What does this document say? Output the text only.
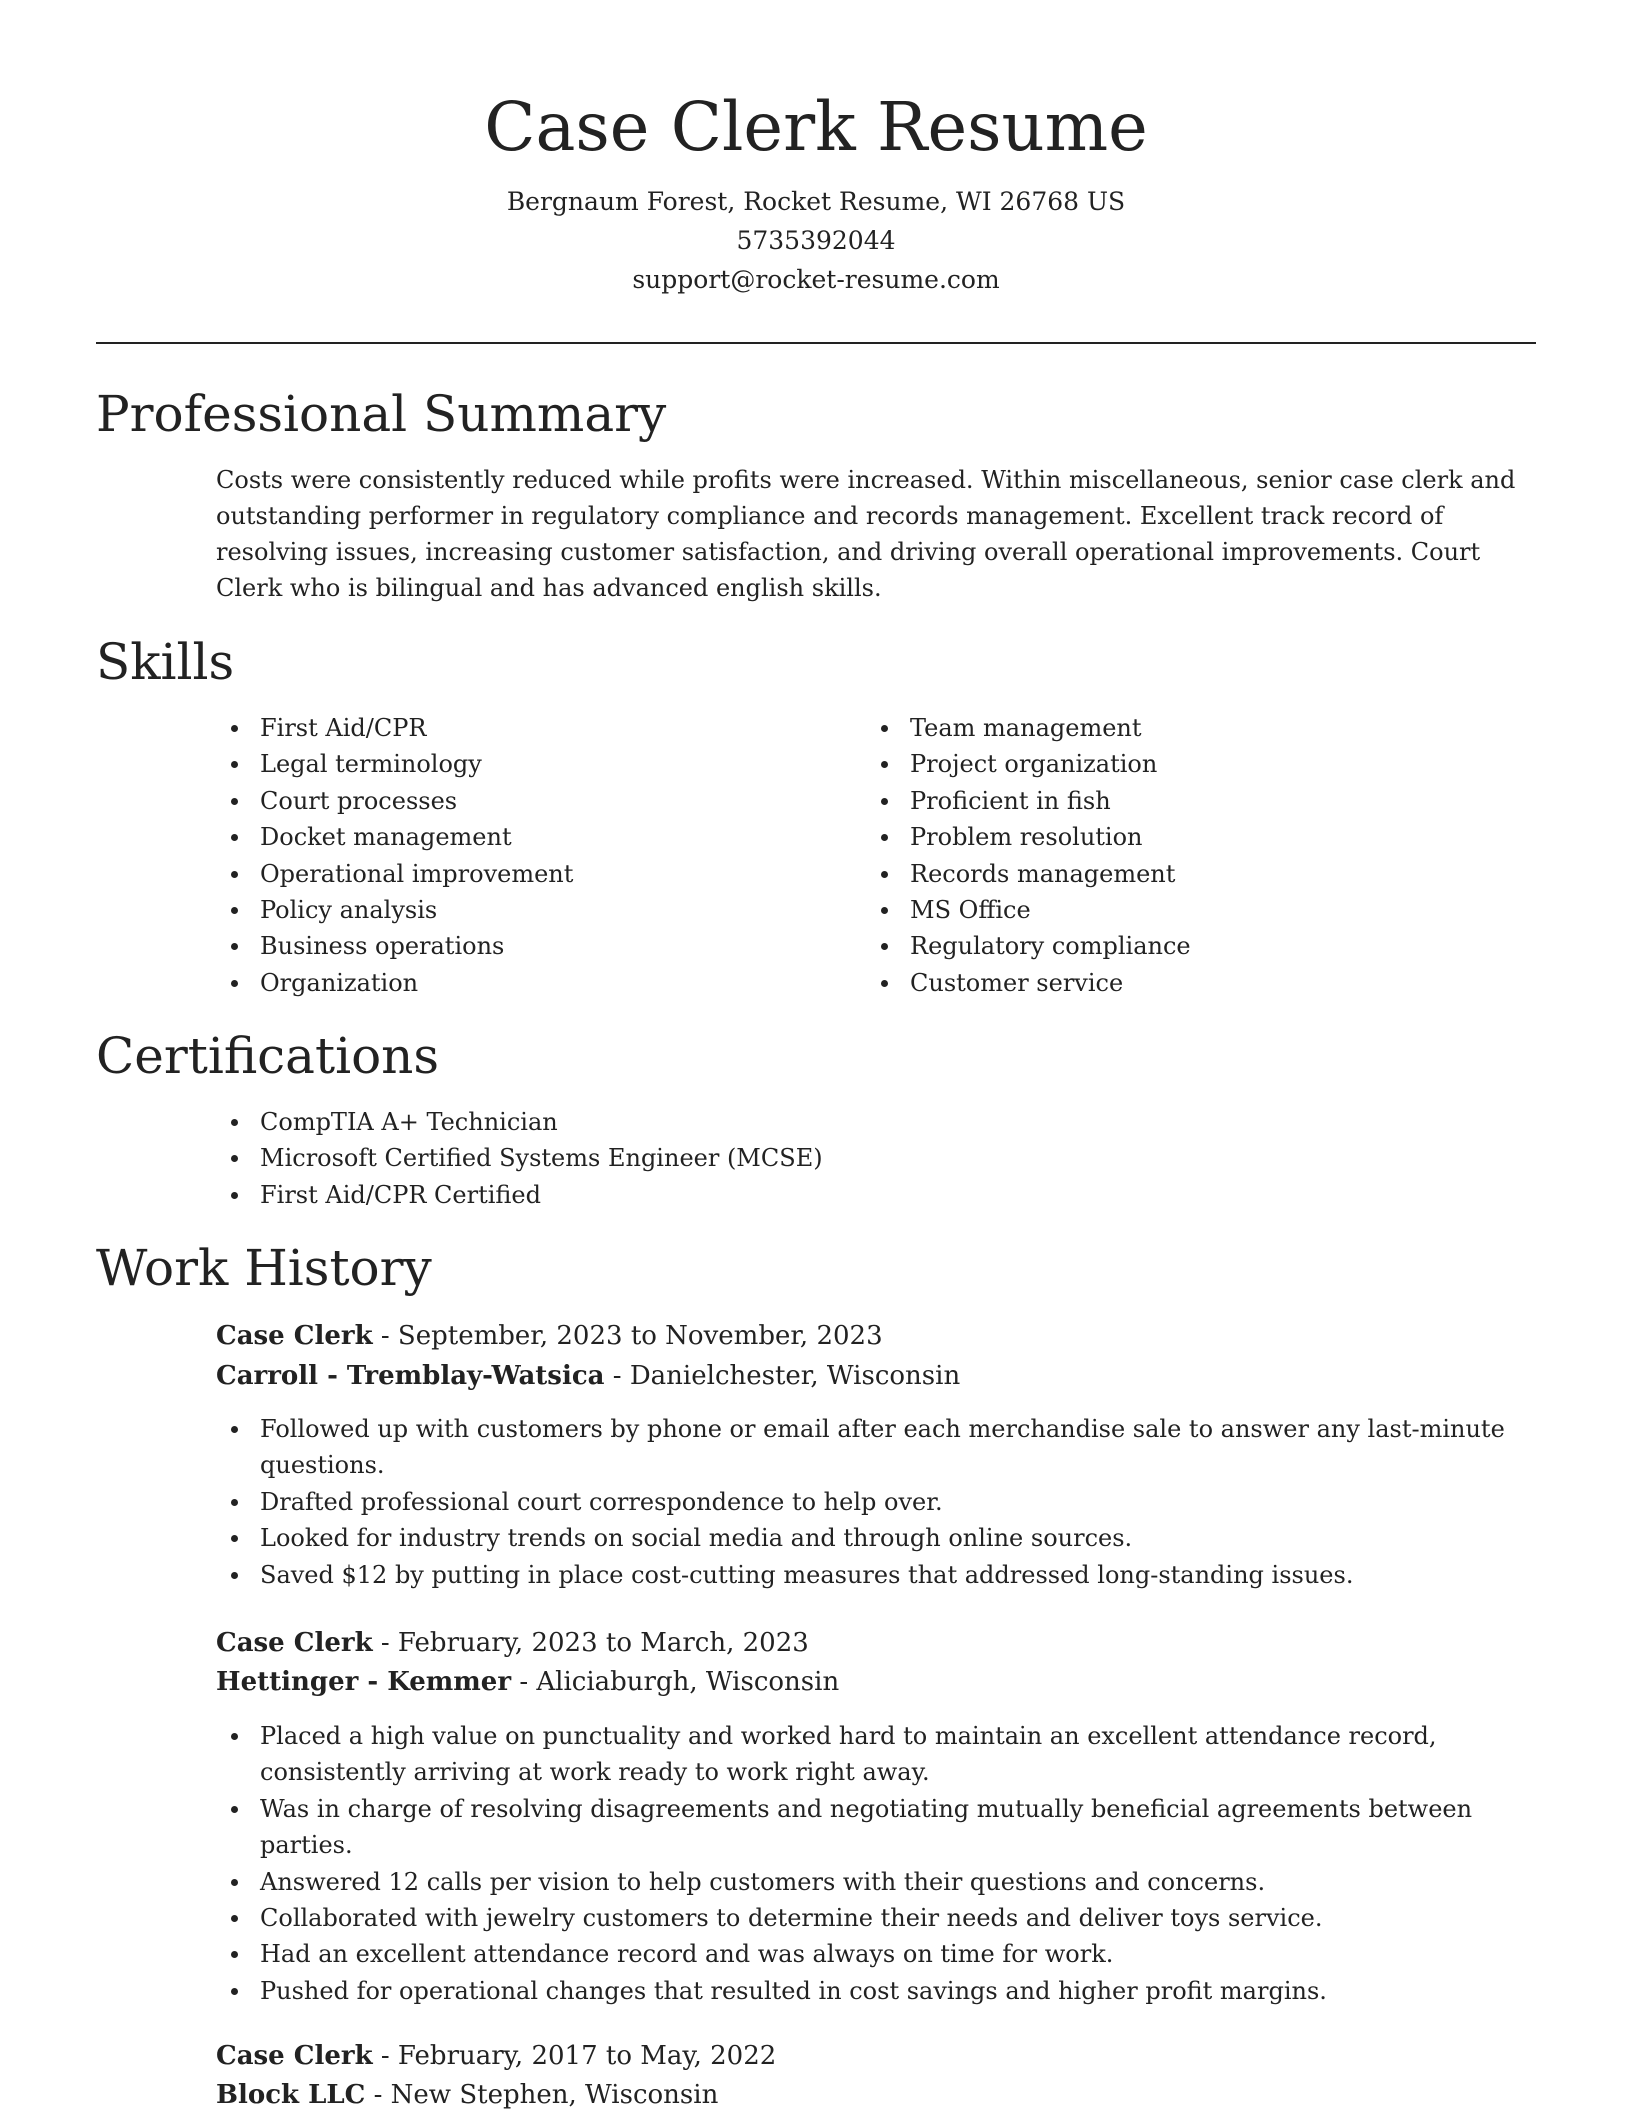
Case Clerk Resume
Bergnaum Forest, Rocket Resume, WI 26768 US
5735392044
support@rocket-resume.com
Professional Summary

Costs were consistently reduced while profits were increased. Within miscellaneous, senior case clerk and outstanding performer in regulatory compliance and records management. Excellent track record of resolving issues, increasing customer satisfaction, and driving overall operational improvements. Court Clerk who is bilingual and has advanced english skills.

Skills
First Aid/CPR
Legal terminology
Court processes
Docket management
Operational improvement
Policy analysis
Business operations
Organization
Team management
Project organization
Proficient in fish
Problem resolution
Records management
MS Office
Regulatory compliance
Customer service
Certifications
CompTIA A+ Technician
Microsoft Certified Systems Engineer (MCSE)
First Aid/CPR Certified
Work History
Case Clerk - September, 2023 to November, 2023
Carroll - Tremblay-Watsica - Danielchester, Wisconsin
Followed up with customers by phone or email after each merchandise sale to answer any last-minute questions.
Drafted professional court correspondence to help over.
Looked for industry trends on social media and through online sources.
Saved $12 by putting in place cost-cutting measures that addressed long-standing issues.
Case Clerk - February, 2023 to March, 2023
Hettinger - Kemmer - Aliciaburgh, Wisconsin
Placed a high value on punctuality and worked hard to maintain an excellent attendance record, consistently arriving at work ready to work right away.
Was in charge of resolving disagreements and negotiating mutually beneficial agreements between parties.
Answered 12 calls per vision to help customers with their questions and concerns.
Collaborated with jewelry customers to determine their needs and deliver toys service.
Had an excellent attendance record and was always on time for work.
Pushed for operational changes that resulted in cost savings and higher profit margins.
Case Clerk - February, 2017 to May, 2022
Block LLC - New Stephen, Wisconsin
